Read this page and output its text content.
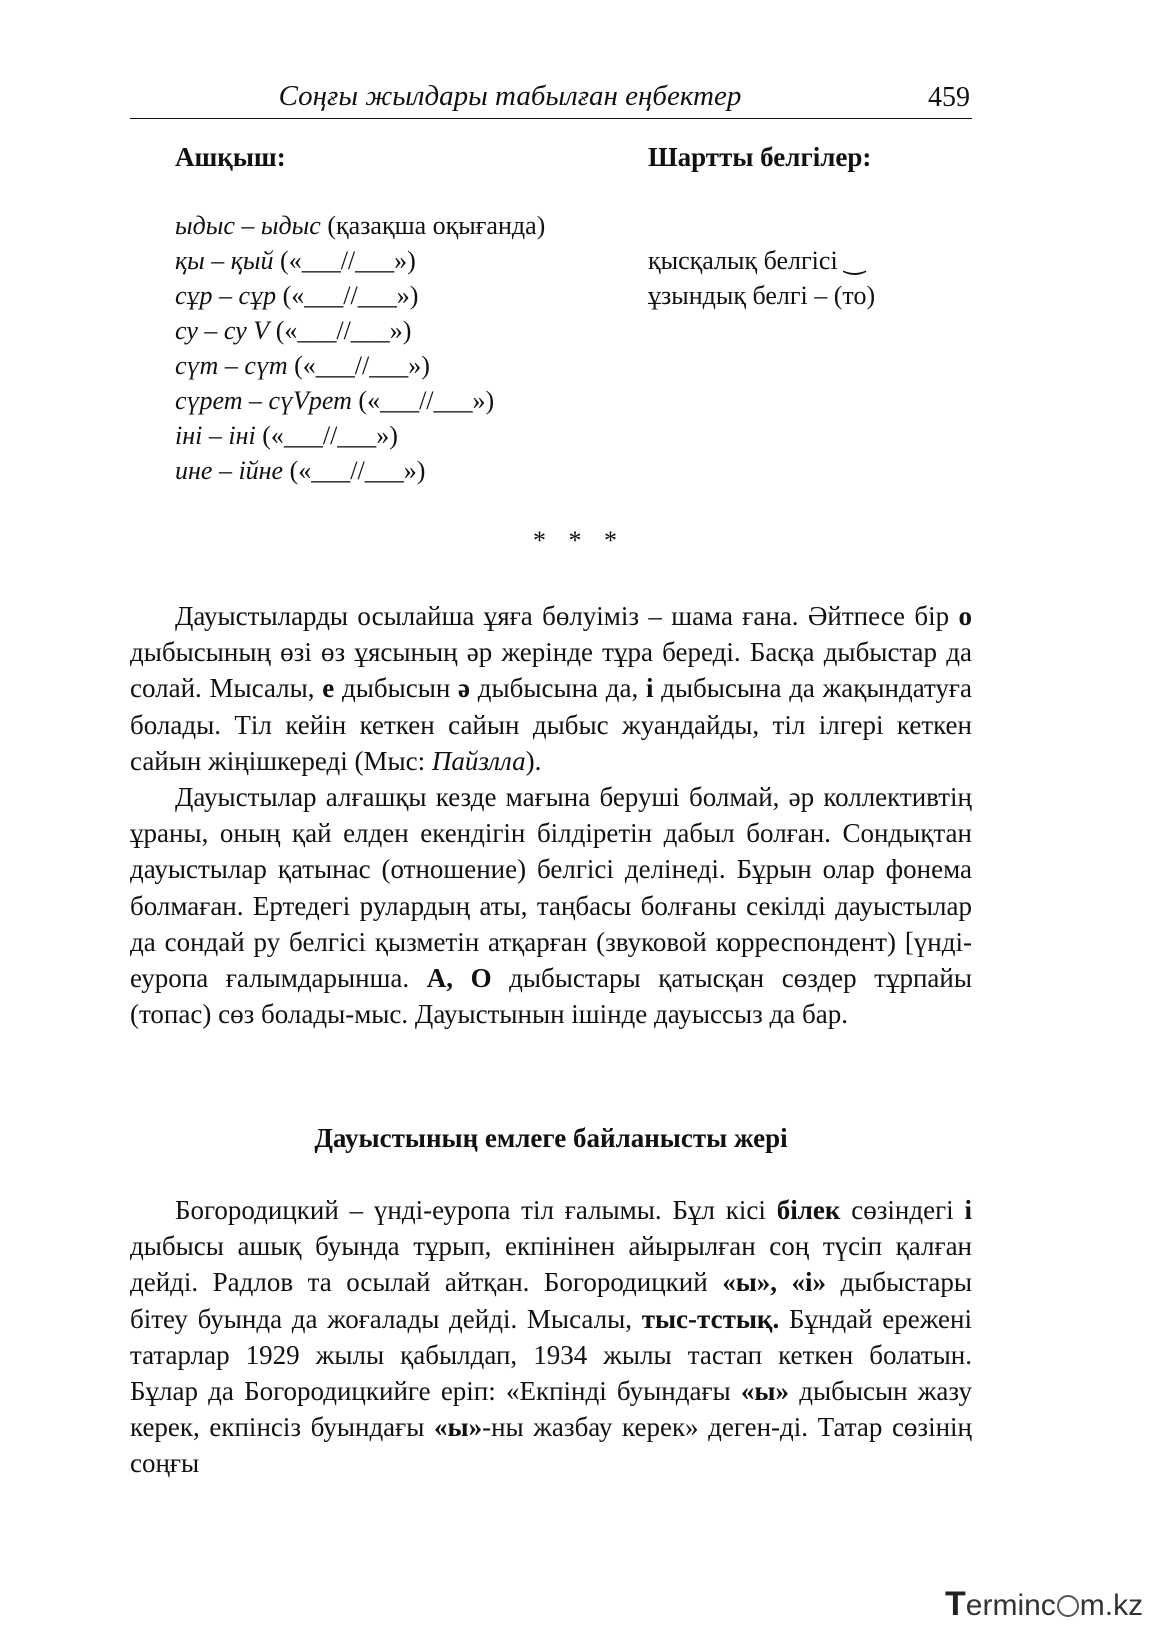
Соңғы жылдары табылған еңбектер	459
Ашқыш:	Шартты белгілер:
ыдыс – ыдыс (қазақша оқығанда)
қы – қый («___//___»)
сұр – сұр («___//___»)
су – су V («___//___»)
сүт – сүт («___//___»)
сүрет – сүVрет («___//___»)
іні – іні («___//___»)
ине – ійне («___//___»)
қысқалық белгісі ‿
ұзындық белгі – (то)
* * *

Дауыстыларды осылайша ұяға бөлуіміз – шама ғана. Әйтпесе бір о дыбысының өзі өз ұясының әр жерінде тұра береді. Басқа дыбыстар да солай. Мысалы, е дыбысын ә дыбысына да, і дыбысына да жақындатуға болады. Тіл кейін кеткен сайын дыбыс жуандайды, тіл ілгері кеткен сайын жіңішкереді (Мыс: Пайзлла).

Дауыстылар алғашқы кезде мағына беруші болмай, әр коллективтің ұраны, оның қай елден екендігін білдіретін дабыл болған. Сондықтан дауыстылар қатынас (отношение) белгісі делінеді. Бұрын олар фонема болмаған. Ертедегі рулардың аты, таңбасы болғаны секілді дауыстылар да сондай ру белгісі қызметін атқарған (звуковой корреспондент) [үнді-еуропа ғалымдарынша. А, О дыбыстары қатысқан сөздер тұрпайы (топас) сөз болады-мыс. Дауыстынын ішінде дауыссыз да бар.

Дауыстының емлеге байланысты жері

Богородицкий – үнді-еуропа тіл ғалымы. Бұл кісі білек сөзіндегі і дыбысы ашық буында тұрып, екпінінен айырылған соң түсіп қалған дейді. Радлов та осылай айтқан. Богородицкий «ы», «і» дыбыстары бітеу буында да жоғалады дейді. Мысалы, тыс-тстық. Бұндай ережені татарлар 1929 жылы қабылдап, 1934 жылы тастап кеткен болатын. Бұлар да Богородицкийге еріп: «Екпінді буындағы «ы» дыбысын жазу керек, екпінсіз буындағы «ы»-ны жазбау керек» деген-ді. Татар сөзінің соңғы

Terminc m.kz
